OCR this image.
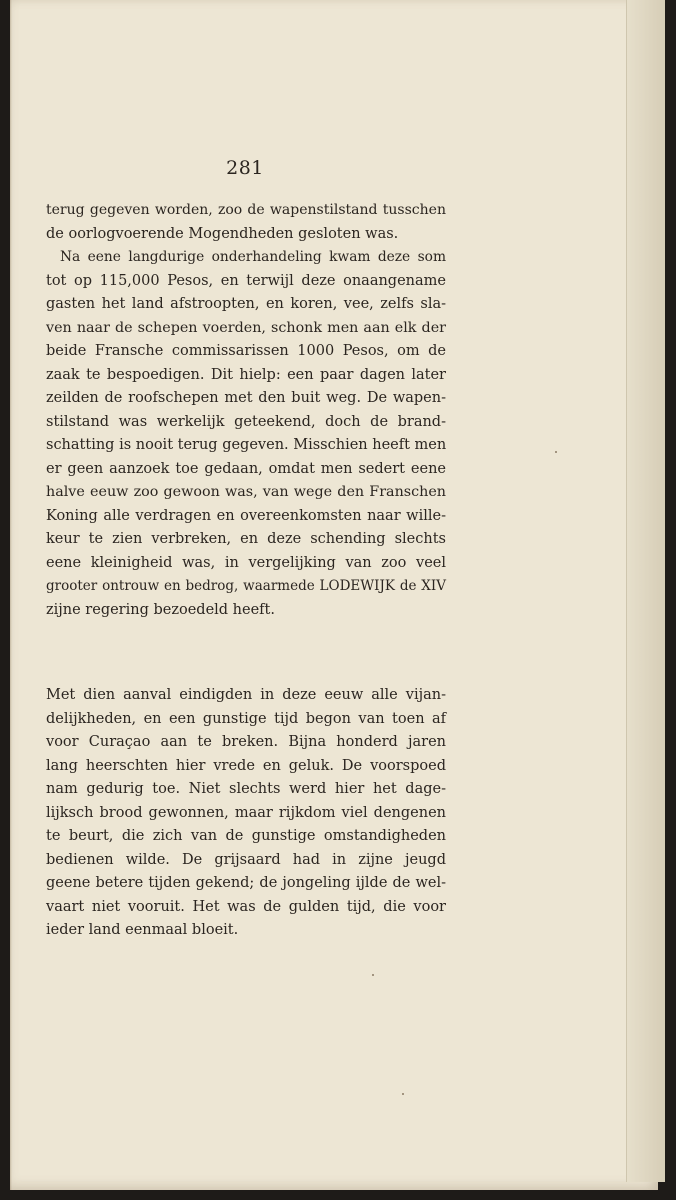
281
terug gegeven worden, zoo de wapenstilstand tusschen
de oorlogvoerende Mogendheden gesloten was.
Na eene langdurige onderhandeling kwam deze som
tot op 115,000 Pesos, en terwijl deze onaangename
gasten het land afstroopten, en koren, vee, zelfs sla-
ven naar de schepen voerden, schonk men aan elk der
beide Fransche commissarissen 1000 Pesos, om de
zaak te bespoedigen. Dit hielp: een paar dagen later
zeilden de roofschepen met den buit weg. De wapen-
stilstand was werkelijk geteekend, doch de brand-
schatting is nooit terug gegeven. Misschien heeft men
er geen aanzoek toe gedaan, omdat men sedert eene
halve eeuw zoo gewoon was, van wege den Franschen
Koning alle verdragen en overeenkomsten naar wille-
keur te zien verbreken, en deze schending slechts
eene kleinigheid was, in vergelijking van zoo veel
grooter ontrouw en bedrog, waarmede LODEWIJK de XIV
zijne regering bezoedeld heeft.
Met dien aanval eindigden in deze eeuw alle vijan-
delijkheden, en een gunstige tijd begon van toen af
voor Curaçao aan te breken. Bijna honderd jaren
lang heerschten hier vrede en geluk. De voorspoed
nam gedurig toe. Niet slechts werd hier het dage-
lijksch brood gewonnen, maar rijkdom viel dengenen
te beurt, die zich van de gunstige omstandigheden
bedienen wilde. De grijsaard had in zijne jeugd
geene betere tijden gekend; de jongeling ijlde de wel-
vaart niet vooruit. Het was de gulden tijd, die voor
ieder land eenmaal bloeit.
